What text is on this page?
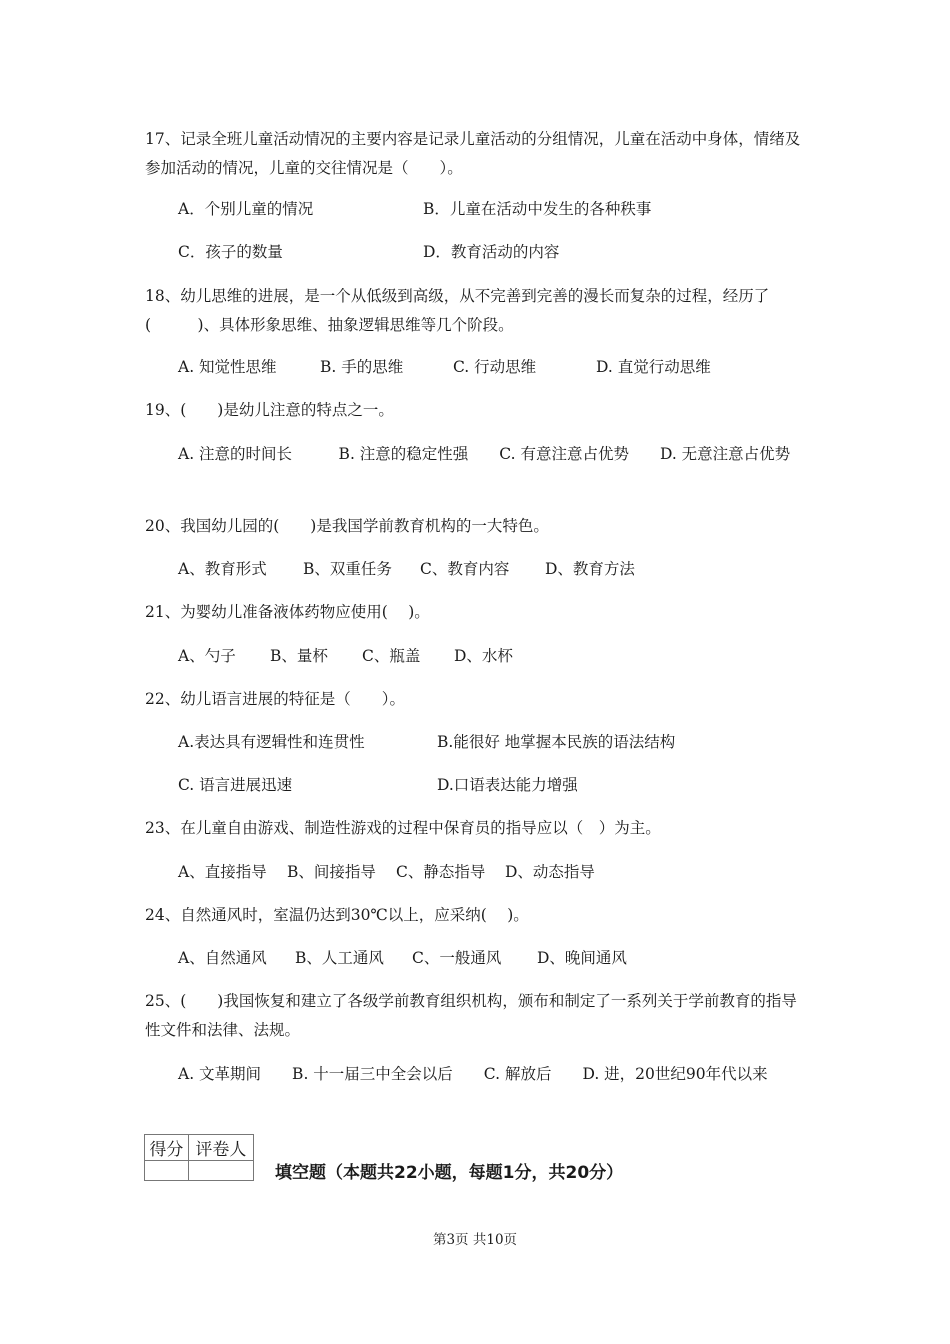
17、记录全班儿童活动情况的主要内容是记录儿童活动的分组情况，儿童在活动中身体，情绪及参加活动的情况，儿童的交往情况是（　　）。
A．个别儿童的情况	B．儿童在活动中发生的各种秩事
C．孩子的数量	D．教育活动的内容
18、幼儿思维的进展，是一个从低级到高级，从不完善到完善的漫长而复杂的过程，经历了(　　　)、具体形象思维、抽象逻辑思维等几个阶段。
A. 知觉性思维	B. 手的思维	C. 行动思维	D. 直觉行动思维
19、(　　)是幼儿注意的特点之一。
A. 注意的时间长　　　B. 注意的稳定性强　　C. 有意注意占优势　　D. 无意注意占优势
20、我国幼儿园的(　　)是我国学前教育机构的一大特色。
A、教育形式 B、双重任务 C、教育内容 D、教育方法
21、为婴幼儿准备液体药物应使用(　 )。
A、勺子 B、量杯 C、瓶盖 D、水杯
22、幼儿语言进展的特征是（　　）。
A.表达具有逻辑性和连贯性	B.能很好 地掌握本民族的语法结构
C. 语言进展迅速	D.口语表达能力增强
23、在儿童自由游戏、制造性游戏的过程中保育员的指导应以（　）为主。
A、直接指导 B、间接指导 C、静态指导 D、动态指导
24、自然通风时，室温仍达到30℃以上，应采纳(　 )。
A、自然通风 B、人工通风 C、一般通风 D、晚间通风
25、(　　)我国恢复和建立了各级学前教育组织机构，颁布和制定了一系列关于学前教育的指导性文件和法律、法规。
A. 文革期间　　B. 十一届三中全会以后　　C. 解放后　　D. 进，20世纪90年代以来
得分	评卷人

填空题（本题共22小题，每题1分，共20分）
第3页 共10页
